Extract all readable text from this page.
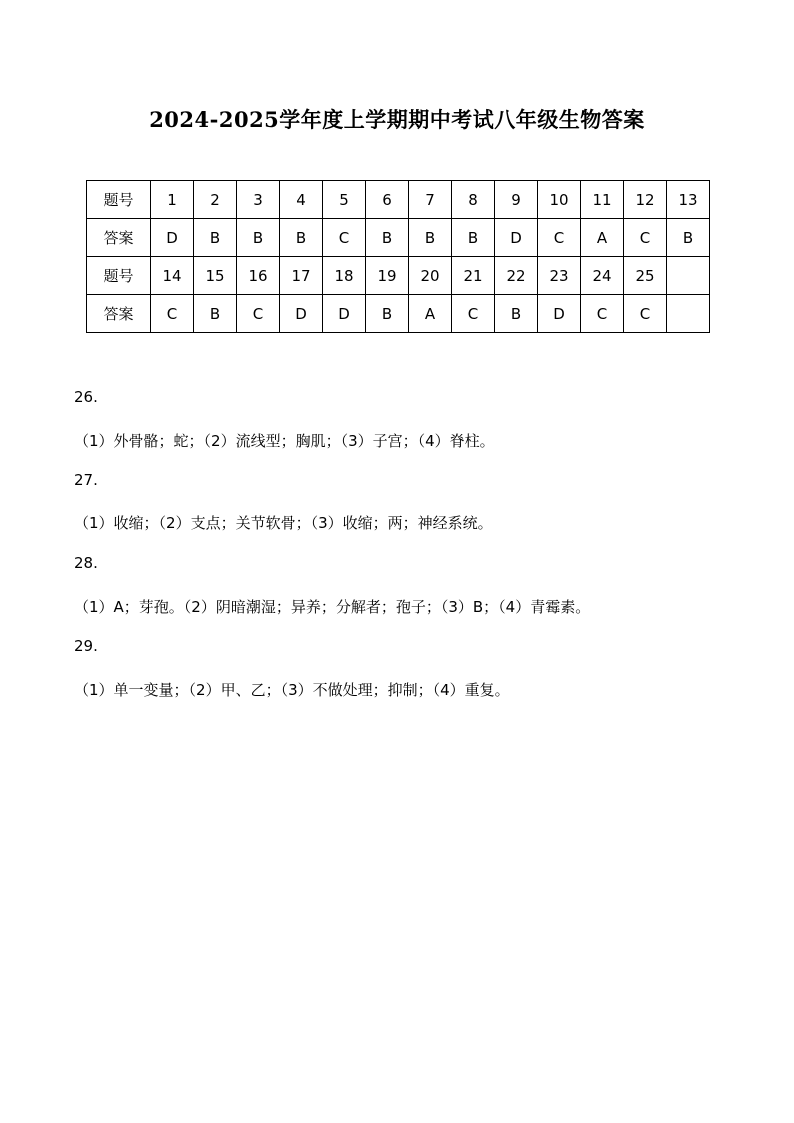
2024-2025学年度上学期期中考试八年级生物答案
题号	1	2	3	4	5	6	7	8	9	10	11	12	13
答案	D	B	B	B	C	B	B	B	D	C	A	C	B
题号	14	15	16	17	18	19	20	21	22	23	24	25	
答案	C	B	C	D	D	B	A	C	B	D	C	C	
26.
（1）外骨骼；蛇；（2）流线型；胸肌；（3）子宫；（4）脊柱。
27.
（1）收缩；（2）支点；关节软骨；（3）收缩；两；神经系统。
28.
（1）A；芽孢。（2）阴暗潮湿；异养；分解者；孢子；（3）B；（4）青霉素。
29.
（1）单一变量；（2）甲、乙；（3）不做处理；抑制；（4）重复。
